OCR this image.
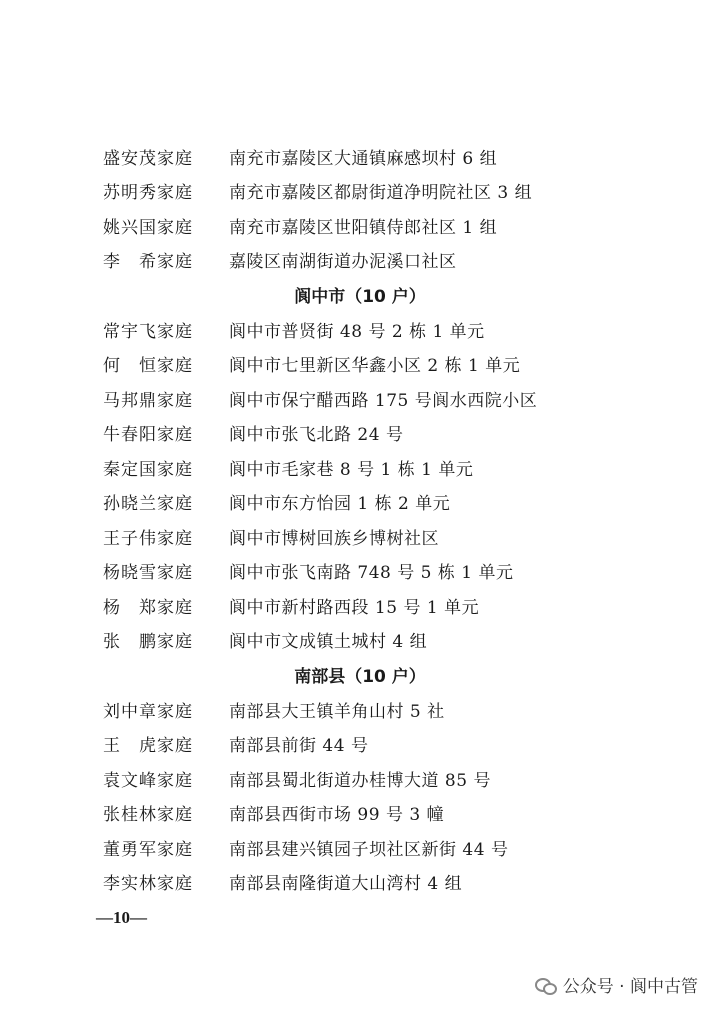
盛安茂家庭	南充市嘉陵区大通镇麻感坝村 6 组
苏明秀家庭	南充市嘉陵区都尉街道净明院社区 3 组
姚兴国家庭	南充市嘉陵区世阳镇侍郎社区 1 组
李　希家庭	嘉陵区南湖街道办泥溪口社区
阆中市（10 户）
常宇飞家庭	阆中市普贤街 48 号 2 栋 1 单元
何　恒家庭	阆中市七里新区华鑫小区 2 栋 1 单元
马邦鼎家庭	阆中市保宁醋西路 175 号阆水西院小区
牛春阳家庭	阆中市张飞北路 24 号
秦定国家庭	阆中市毛家巷 8 号 1 栋 1 单元
孙晓兰家庭	阆中市东方怡园 1 栋 2 单元
王子伟家庭	阆中市博树回族乡博树社区
杨晓雪家庭	阆中市张飞南路 748 号 5 栋 1 单元
杨　郑家庭	阆中市新村路西段 15 号 1 单元
张　鹏家庭	阆中市文成镇土城村 4 组
南部县（10 户）
刘中章家庭	南部县大王镇羊角山村 5 社
王　虎家庭	南部县前街 44 号
袁文峰家庭	南部县蜀北街道办桂博大道 85 号
张桂林家庭	南部县西街市场 99 号 3 幢
董勇军家庭	南部县建兴镇园子坝社区新街 44 号
李实林家庭	南部县南隆街道大山湾村 4 组
—10—
公众号 · 阆中古管
